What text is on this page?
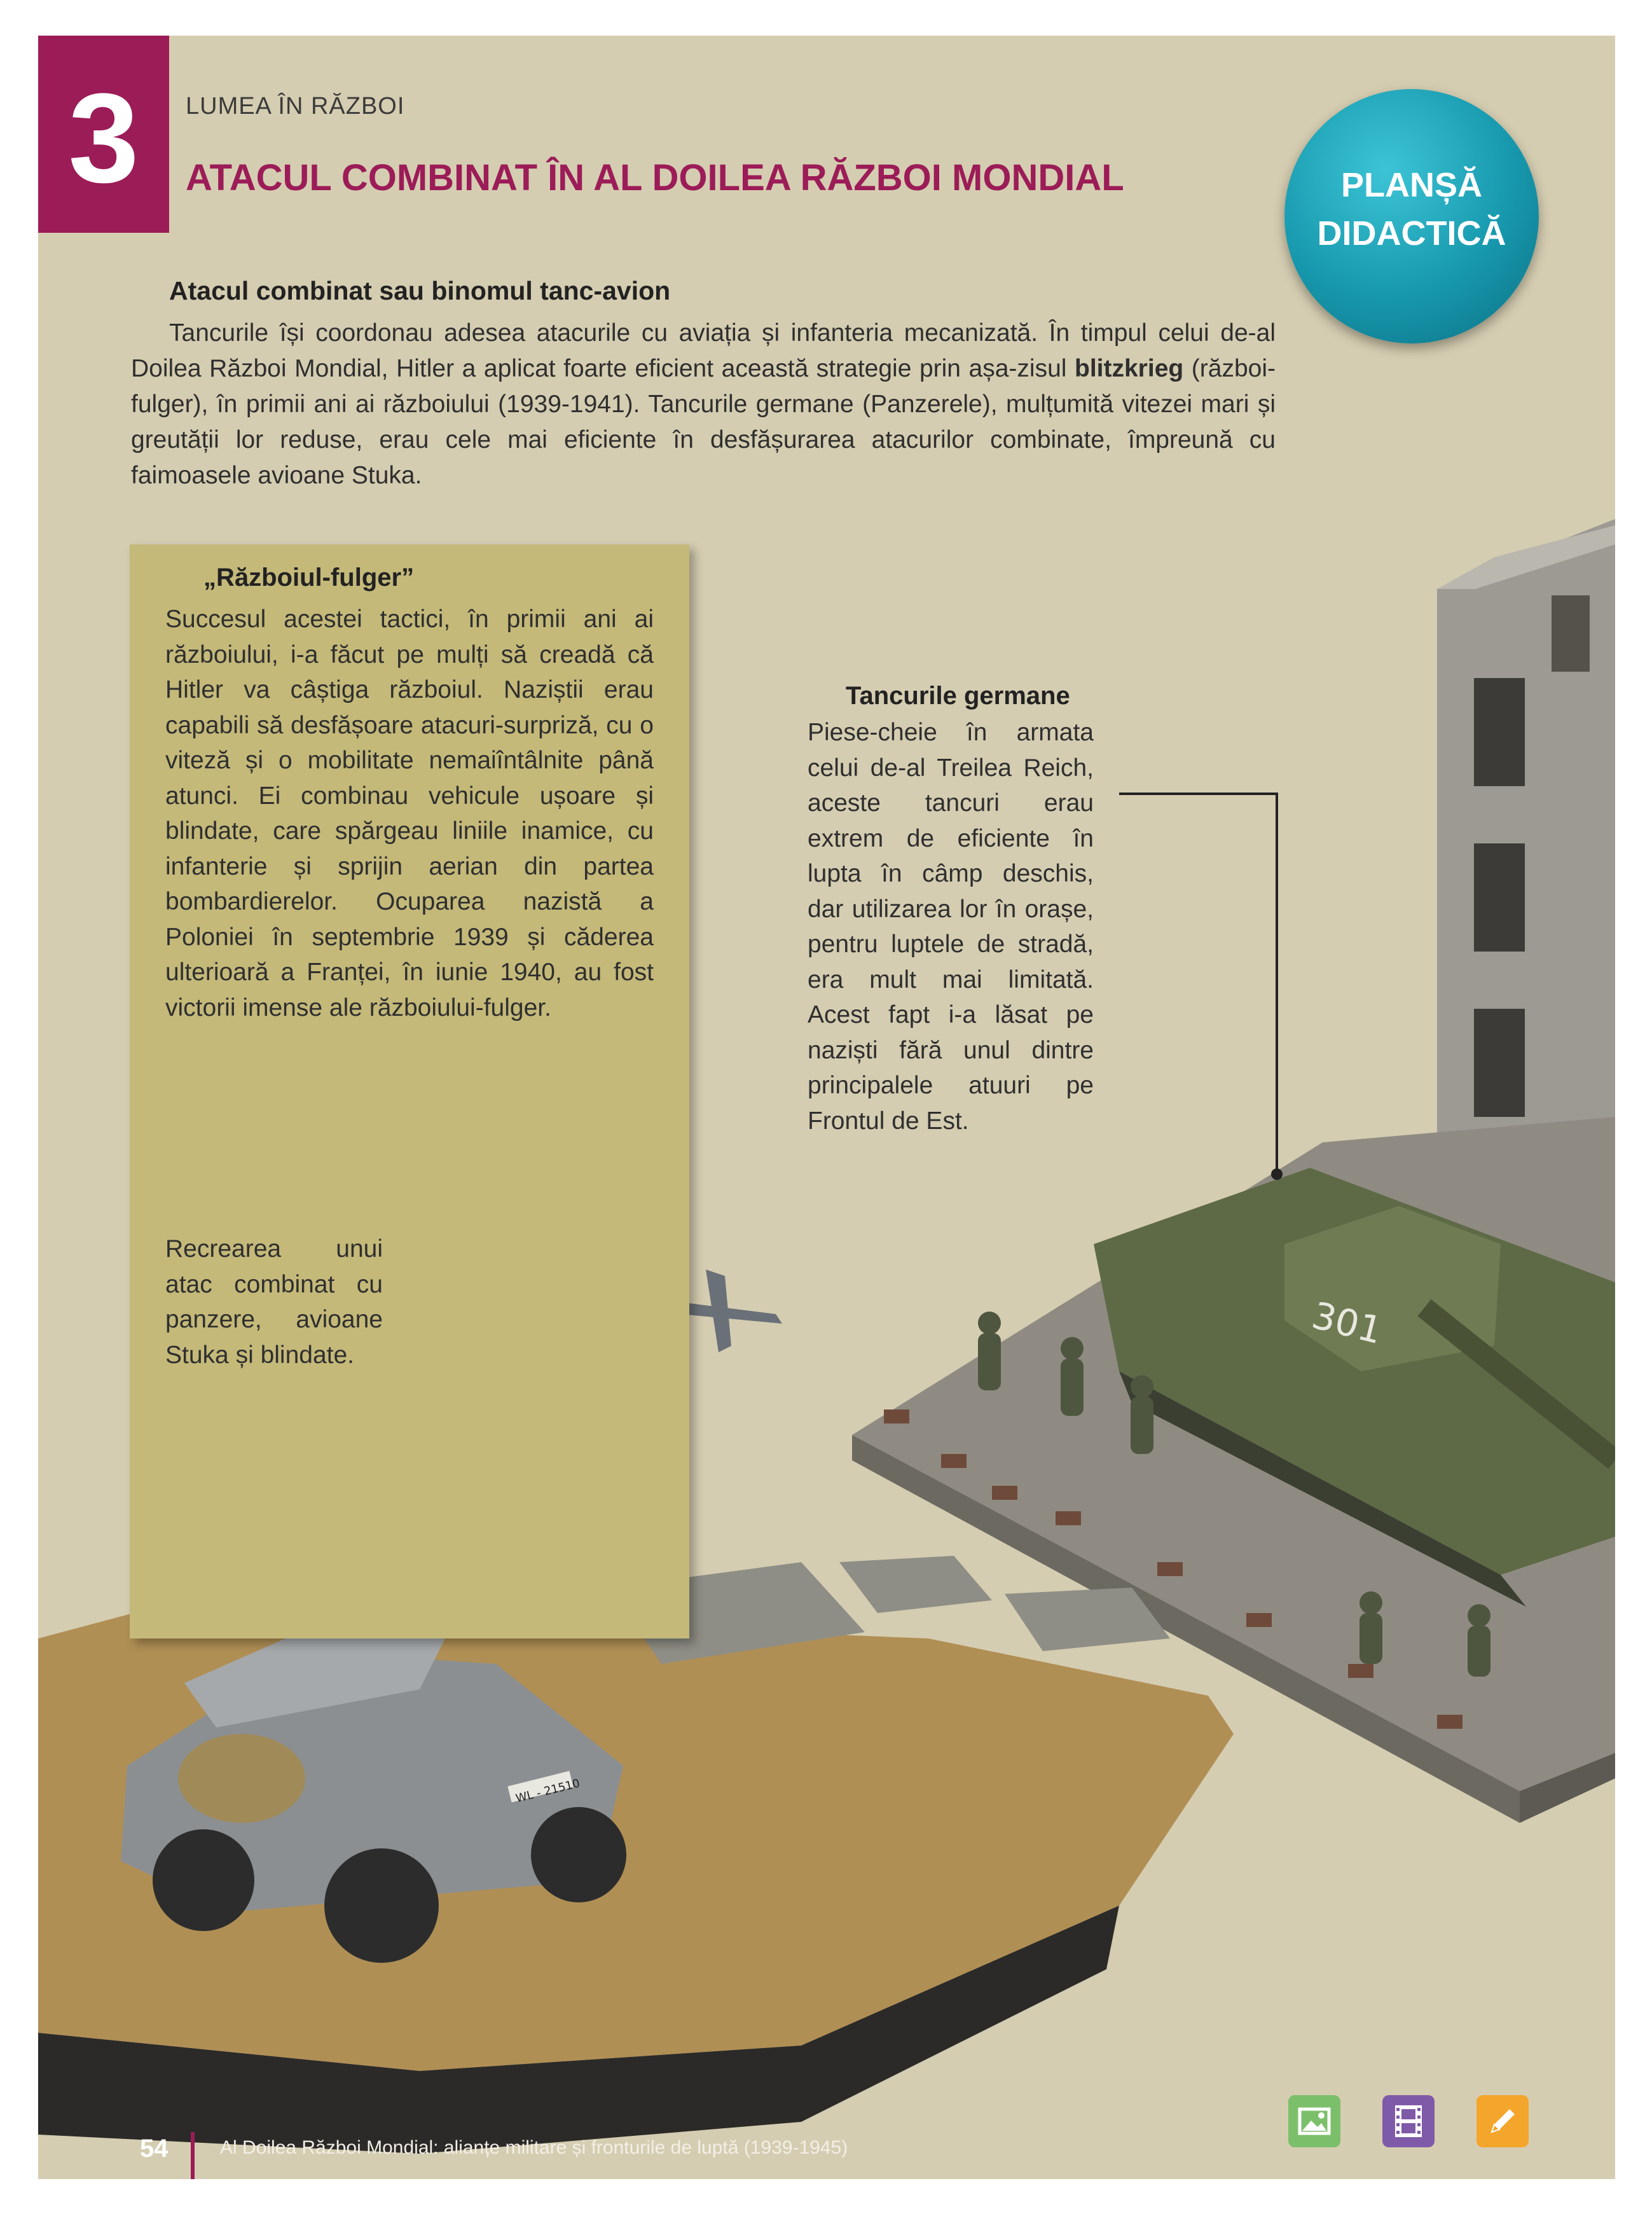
301
WL - 21510
3	LUMEA ÎN RĂZBOI
ATACUL COMBINAT ÎN AL DOILEA RĂZBOI MONDIAL	PLANȘĂ
DIDACTICĂ
Atacul combinat sau binomul tanc-avion

Tancurile își coordonau adesea atacurile cu aviația și infanteria mecanizată. În timpul celui de-al Doilea Război Mondial, Hitler a aplicat foarte eficient această strategie prin așa-zisul blitzkrieg (război-fulger), în primii ani ai războiului (1939-1941). Tancurile germane (Panzerele), mulțumită vitezei mari și greutății lor reduse, erau cele mai eficiente în desfășurarea atacurilor combinate, împreună cu faimoasele avioane Stuka.

„Războiul-fulger”

Succesul acestei tactici, în primii ani ai războiului, i-a făcut pe mulți să creadă că Hitler va câștiga războiul. Naziștii erau capabili să desfășoare atacuri-surpriză, cu o viteză și o mobilitate nemaiîntâlnite până atunci. Ei combinau vehicule ușoare și blindate, care spărgeau liniile inamice, cu infanterie și sprijin aerian din partea bombardierelor. Ocuparea nazistă a Poloniei în septembrie 1939 și căderea ulterioară a Franței, în iunie 1940, au fost victorii imense ale războiului-fulger.

Recrearea unui atac combinat cu panzere, avioane Stuka și blindate.

Tancurile germane

Piese-cheie în armata celui de-al Treilea Reich, aceste tancuri erau extrem de eficiente în lupta în câmp deschis, dar utilizarea lor în orașe, pentru luptele de stradă, era mult mai limitată. Acest fapt i-a lăsat pe naziști fără unul dintre principalele atuuri pe Frontul de Est.

54	Al Doilea Război Mondial: alianțe militare și fronturile de luptă (1939-1945)
